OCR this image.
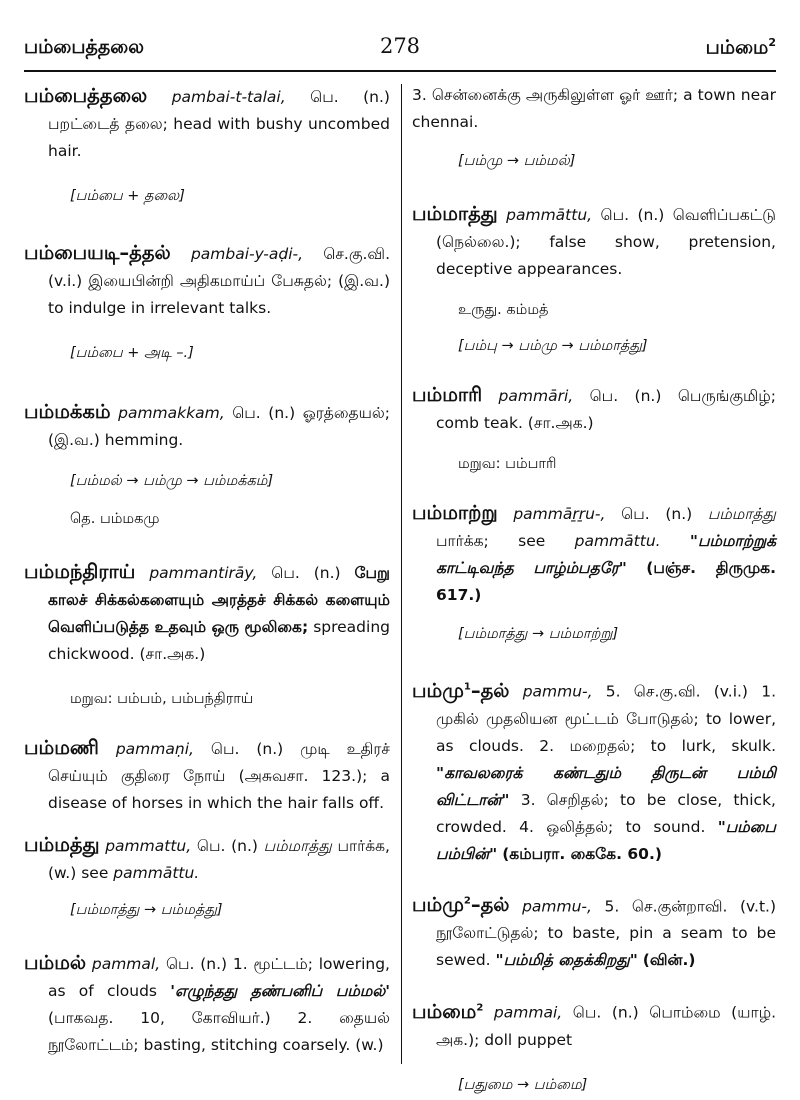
பம்பைத்தலை	278	பம்மை$^2$
பம்பைத்தலை pambai-t-talai, பெ. (n.) பறட்டைத் தலை; head with bushy uncombed hair.
[பம்பை + தலை]
பம்பையடி–த்தல் pambai-y-aḍi-, செ.கு.வி. (v.i.) இயைபின்றி அதிகமாய்ப் பேசுதல்; (இ.வ.) to indulge in irrelevant talks.
[பம்பை + அடி –.]
பம்மக்கம் pammakkam, பெ. (n.) ஓரத்தையல்; (இ.வ.) hemming.
[பம்மல் → பம்மு → பம்மக்கம்]
தெ. பம்மகமு
பம்மந்திராய் pammantirāy, பெ. (n.) பேறு காலச் சிக்கல்களையும் அரத்தச் சிக்கல் களையும் வெளிப்படுத்த உதவும் ஒரு மூலிகை; spreading chickwood. (சா.அக.)
மறுவ: பம்பம், பம்பந்திராய்
பம்மணி pammaṇi, பெ. (n.) முடி உதிரச் செய்யும் குதிரை நோய் (அசுவசா. 123.); a disease of horses in which the hair falls off.
பம்மத்து pammattu, பெ. (n.) பம்மாத்து பார்க்க, (w.) see pammāttu.
[பம்மாத்து → பம்மத்து]
பம்மல் pammal, பெ. (n.) 1. மூட்டம்; lowering, as of clouds 'எழுந்தது தண்பனிப் பம்மல்' (பாகவத. 10, கோவியர்.) 2. தையல் நூலோட்டம்; basting, stitching coarsely. (w.)
3. சென்னைக்கு அருகிலுள்ள ஓர் ஊர்; a town near chennai.
[பம்மு → பம்மல்]
பம்மாத்து pammāttu, பெ. (n.) வெளிப்பகட்டு (நெல்லை.); false show, pretension, deceptive appearances.
உருது. கம்மத்
[பம்பு → பம்மு → பம்மாத்து]
பம்மாரி pammāri, பெ. (n.) பெருங்குமிழ்; comb teak. (சா.அக.)
மறுவ: பம்பாரி
பம்மாற்று pammāṟṟu-, பெ. (n.) பம்மாத்து பார்க்க; see pammāttu. "பம்மாற்றுக் காட்டிவந்த பாழ்ம்பதரே" (பஞ்ச. திருமுக. 617.)
[பம்மாத்து → பம்மாற்று]
பம்மு$^1$–தல் pammu-, 5. செ.கு.வி. (v.i.) 1. முகில் முதலியன மூட்டம் போடுதல்; to lower, as clouds. 2. மறைதல்; to lurk, skulk. "காவலரைக் கண்டதும் திருடன் பம்மி விட்டான்" 3. செறிதல்; to be close, thick, crowded. 4. ஒலித்தல்; to sound. "பம்பை பம்பின்" (கம்பரா. கைகே. 60.)
பம்மு$^2$–தல் pammu-, 5. செ.குன்றாவி. (v.t.) நூலோட்டுதல்; to baste, pin a seam to be sewed. "பம்மித் தைக்கிறது" (வின்.)
பம்மை$^2$ pammai, பெ. (n.) பொம்மை (யாழ். அக.); doll puppet
[பதுமை → பம்மை]
